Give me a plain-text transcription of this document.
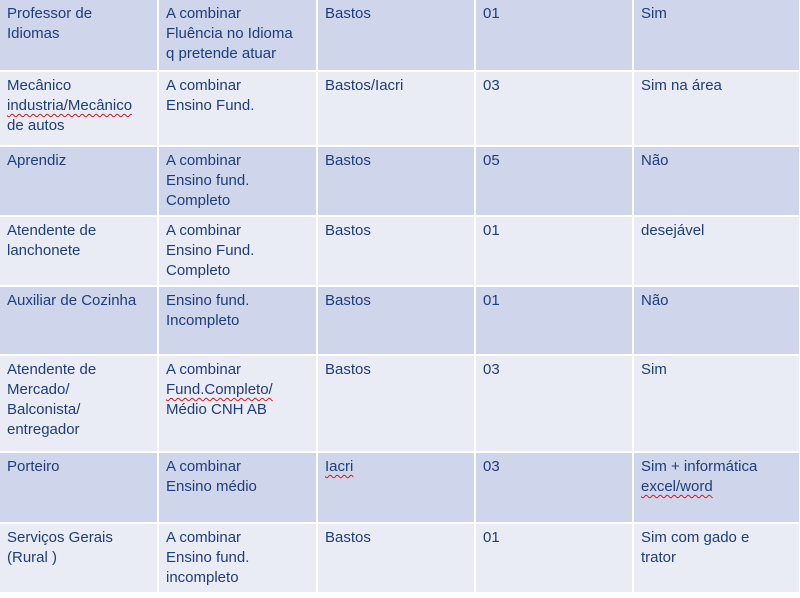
Professor de
Idiomas	A combinar
Fluência no Idioma
q pretende atuar	Bastos	01	Sim

Mecânico
industria/Mecânico
de autos	A combinar
Ensino Fund.	Bastos/Iacri	03	Sim na área

Aprendiz	A combinar
Ensino fund.
Completo	Bastos	05	Não

Atendente de
lanchonete	A combinar
Ensino Fund.
Completo	Bastos	01	desejável

Auxiliar de Cozinha	Ensino fund.
Incompleto	Bastos	01	Não

Atendente de
Mercado/
Balconista/
entregador	A combinar
Fund.Completo/
Médio CNH AB	Bastos	03	Sim

Porteiro	A combinar
Ensino médio	Iacri	03	Sim + informática
excel/word

Serviços Gerais
(Rural )	A combinar
Ensino fund.
incompleto	Bastos	01	Sim com gado e
trator
